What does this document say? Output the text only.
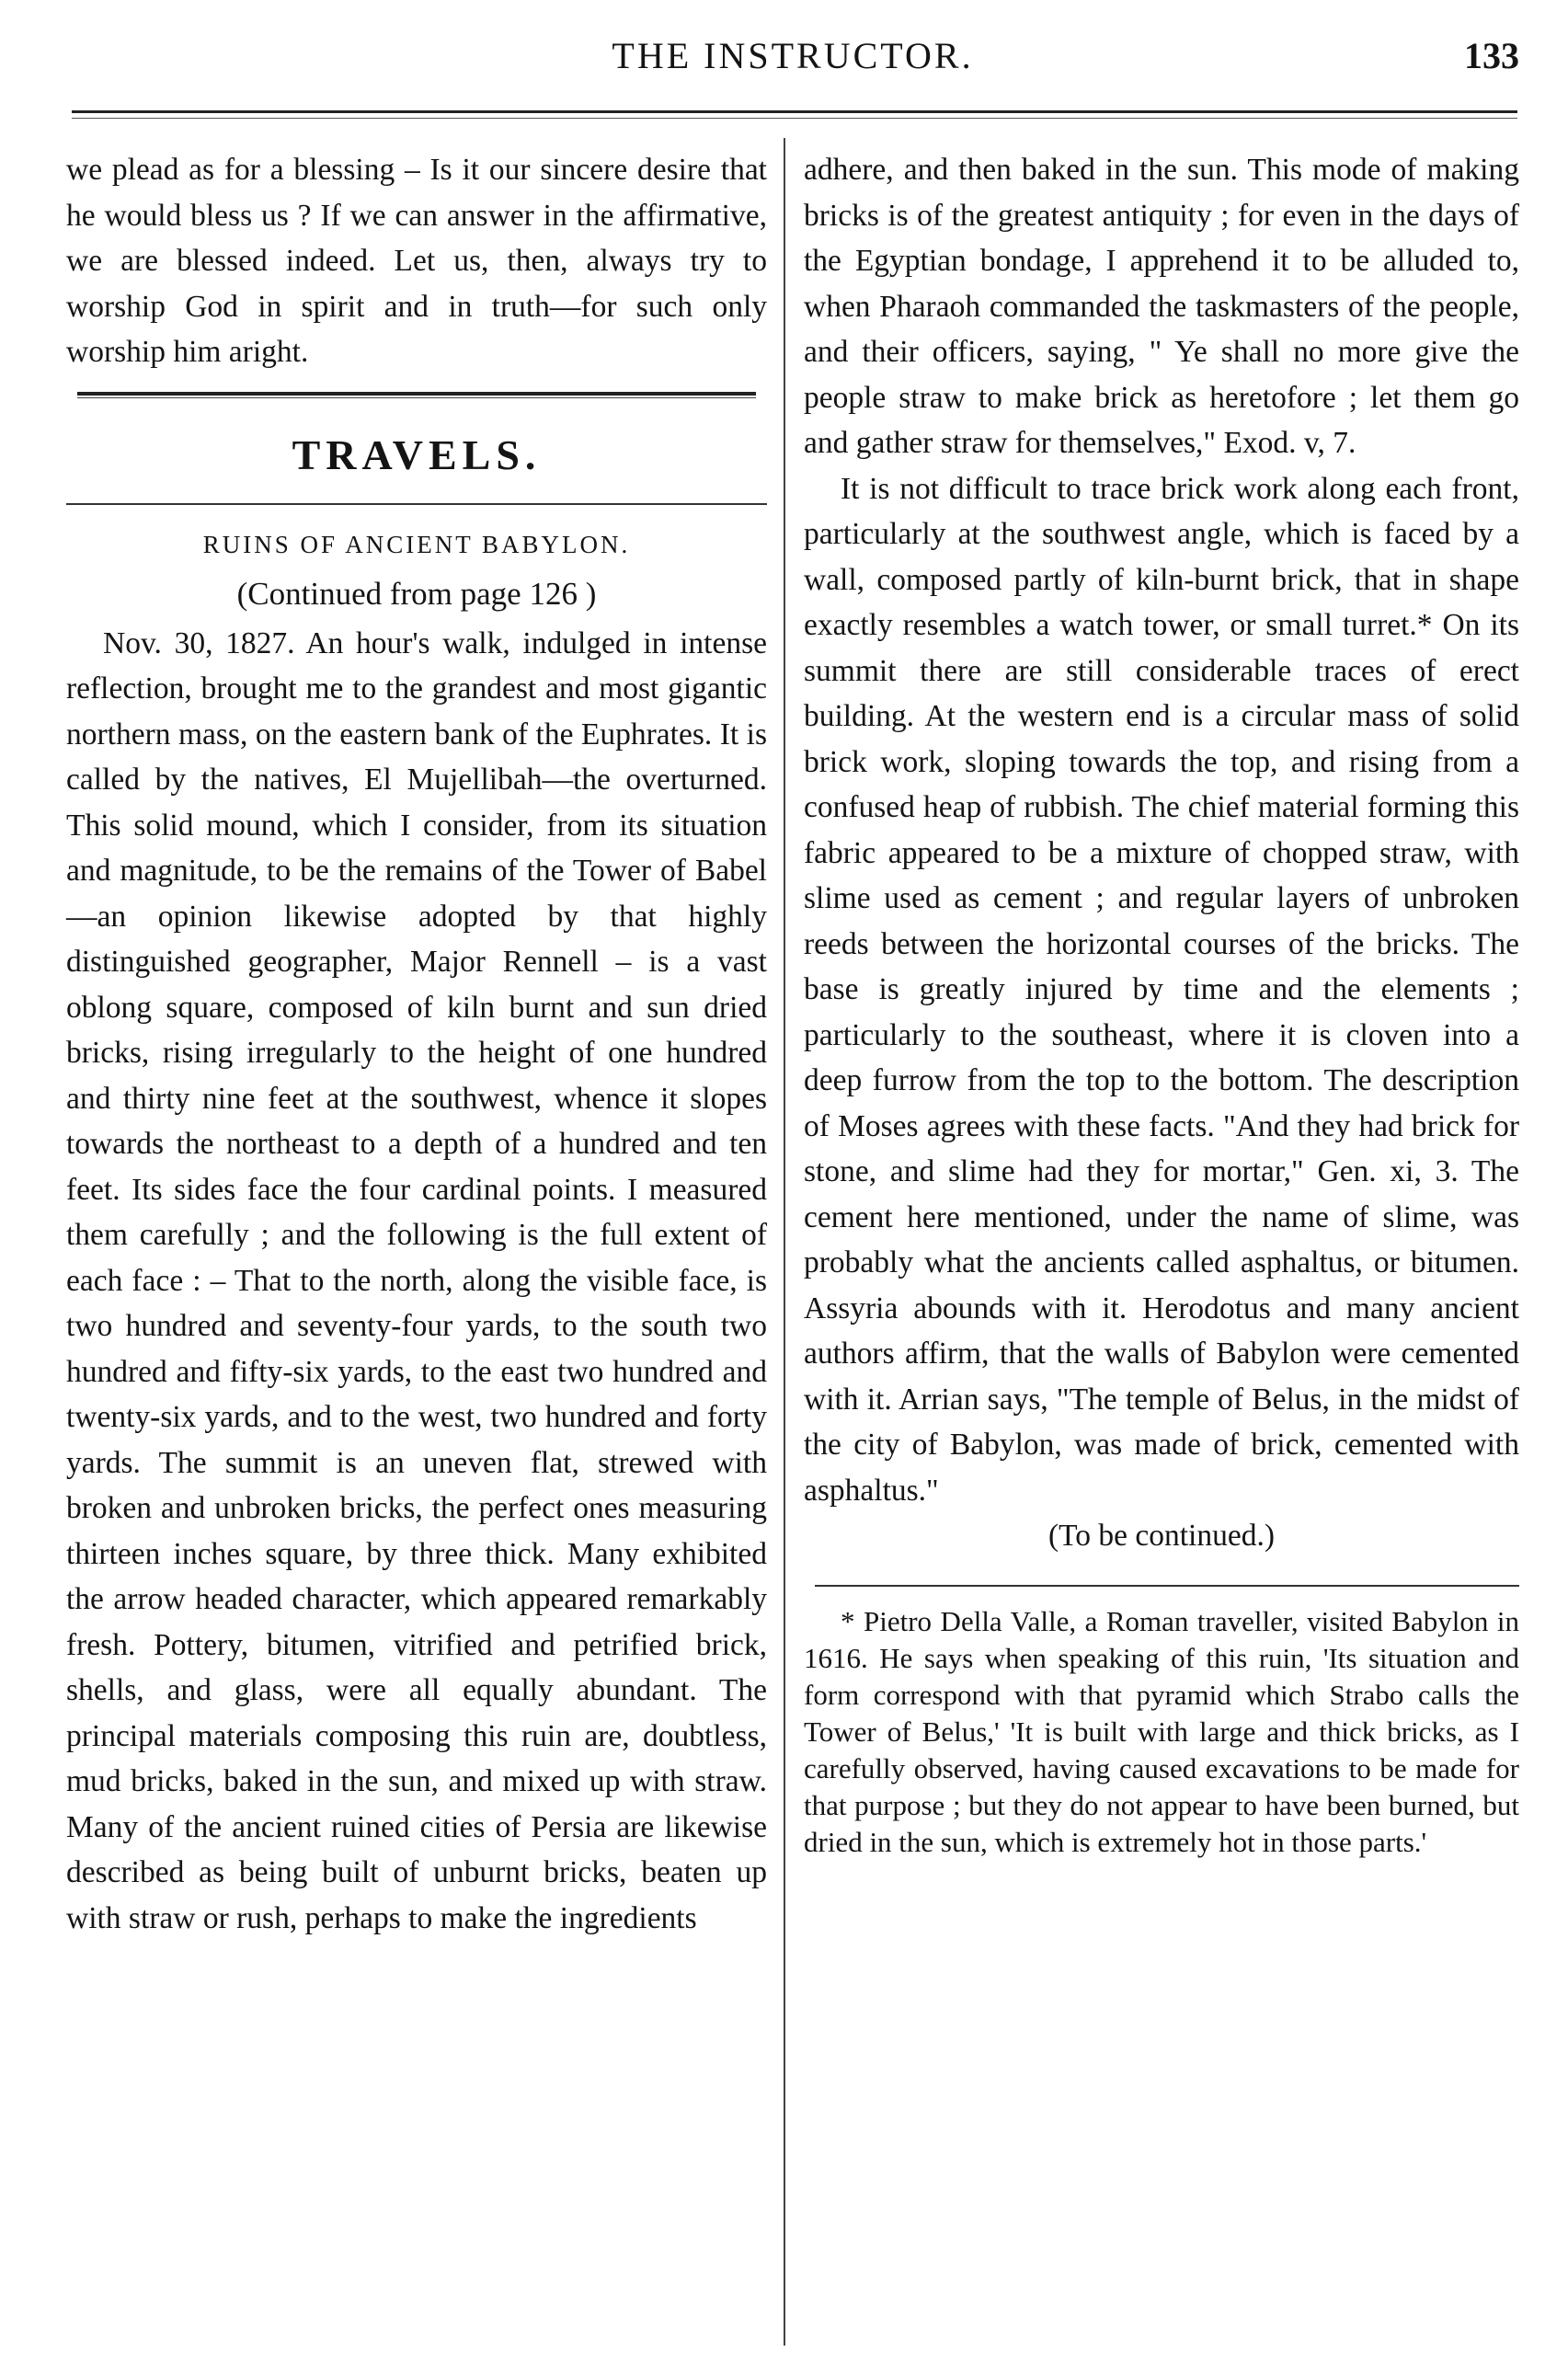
THE INSTRUCTOR.	133

we plead as for a blessing – Is it our sincere desire that he would bless us ? If we can answer in the affirmative, we are blessed indeed. Let us, then, always try to worship God in spirit and in truth—for such only worship him aright.

TRAVELS.

RUINS OF ANCIENT BABYLON.

(Continued from page 126 )

Nov. 30, 1827. An hour's walk, indulged in intense reflection, brought me to the grandest and most gigantic northern mass, on the eastern bank of the Euphrates. It is called by the natives, El Mujellibah—the overturned. This solid mound, which I consider, from its situation and magnitude, to be the remains of the Tower of Babel—an opinion likewise adopted by that highly distinguished geographer, Major Rennell – is a vast oblong square, composed of kiln burnt and sun dried bricks, rising irregularly to the height of one hundred and thirty nine feet at the southwest, whence it slopes towards the northeast to a depth of a hundred and ten feet. Its sides face the four cardinal points. I measured them carefully ; and the following is the full extent of each face : – That to the north, along the visible face, is two hundred and seventy-four yards, to the south two hundred and fifty-six yards, to the east two hundred and twenty-six yards, and to the west, two hundred and forty yards. The summit is an uneven flat, strewed with broken and unbroken bricks, the perfect ones measuring thirteen inches square, by three thick. Many exhibited the arrow headed character, which appeared remarkably fresh. Pottery, bitumen, vitrified and petrified brick, shells, and glass, were all equally abundant. The principal materials composing this ruin are, doubtless, mud bricks, baked in the sun, and mixed up with straw. Many of the ancient ruined cities of Persia are likewise described as being built of unburnt bricks, beaten up with straw or rush, perhaps to make the ingredients

adhere, and then baked in the sun. This mode of making bricks is of the greatest antiquity ; for even in the days of the Egyptian bondage, I apprehend it to be alluded to, when Pharaoh commanded the taskmasters of the people, and their officers, saying, " Ye shall no more give the people straw to make brick as heretofore ; let them go and gather straw for themselves," Exod. v, 7.

It is not difficult to trace brick work along each front, particularly at the southwest angle, which is faced by a wall, composed partly of kiln-burnt brick, that in shape exactly resembles a watch tower, or small turret.* On its summit there are still considerable traces of erect building. At the western end is a circular mass of solid brick work, sloping towards the top, and rising from a confused heap of rubbish. The chief material forming this fabric appeared to be a mixture of chopped straw, with slime used as cement ; and regular layers of unbroken reeds between the horizontal courses of the bricks. The base is greatly injured by time and the elements ; particularly to the southeast, where it is cloven into a deep furrow from the top to the bottom. The description of Moses agrees with these facts. "And they had brick for stone, and slime had they for mortar," Gen. xi, 3. The cement here mentioned, under the name of slime, was probably what the ancients called asphaltus, or bitumen. Assyria abounds with it. Herodotus and many ancient authors affirm, that the walls of Babylon were cemented with it. Arrian says, "The temple of Belus, in the midst of the city of Babylon, was made of brick, cemented with asphaltus."

(To be continued.)

* Pietro Della Valle, a Roman traveller, visited Babylon in 1616. He says when speaking of this ruin, 'Its situation and form correspond with that pyramid which Strabo calls the Tower of Belus,' 'It is built with large and thick bricks, as I carefully observed, having caused excavations to be made for that purpose ; but they do not appear to have been burned, but dried in the sun, which is extremely hot in those parts.'
